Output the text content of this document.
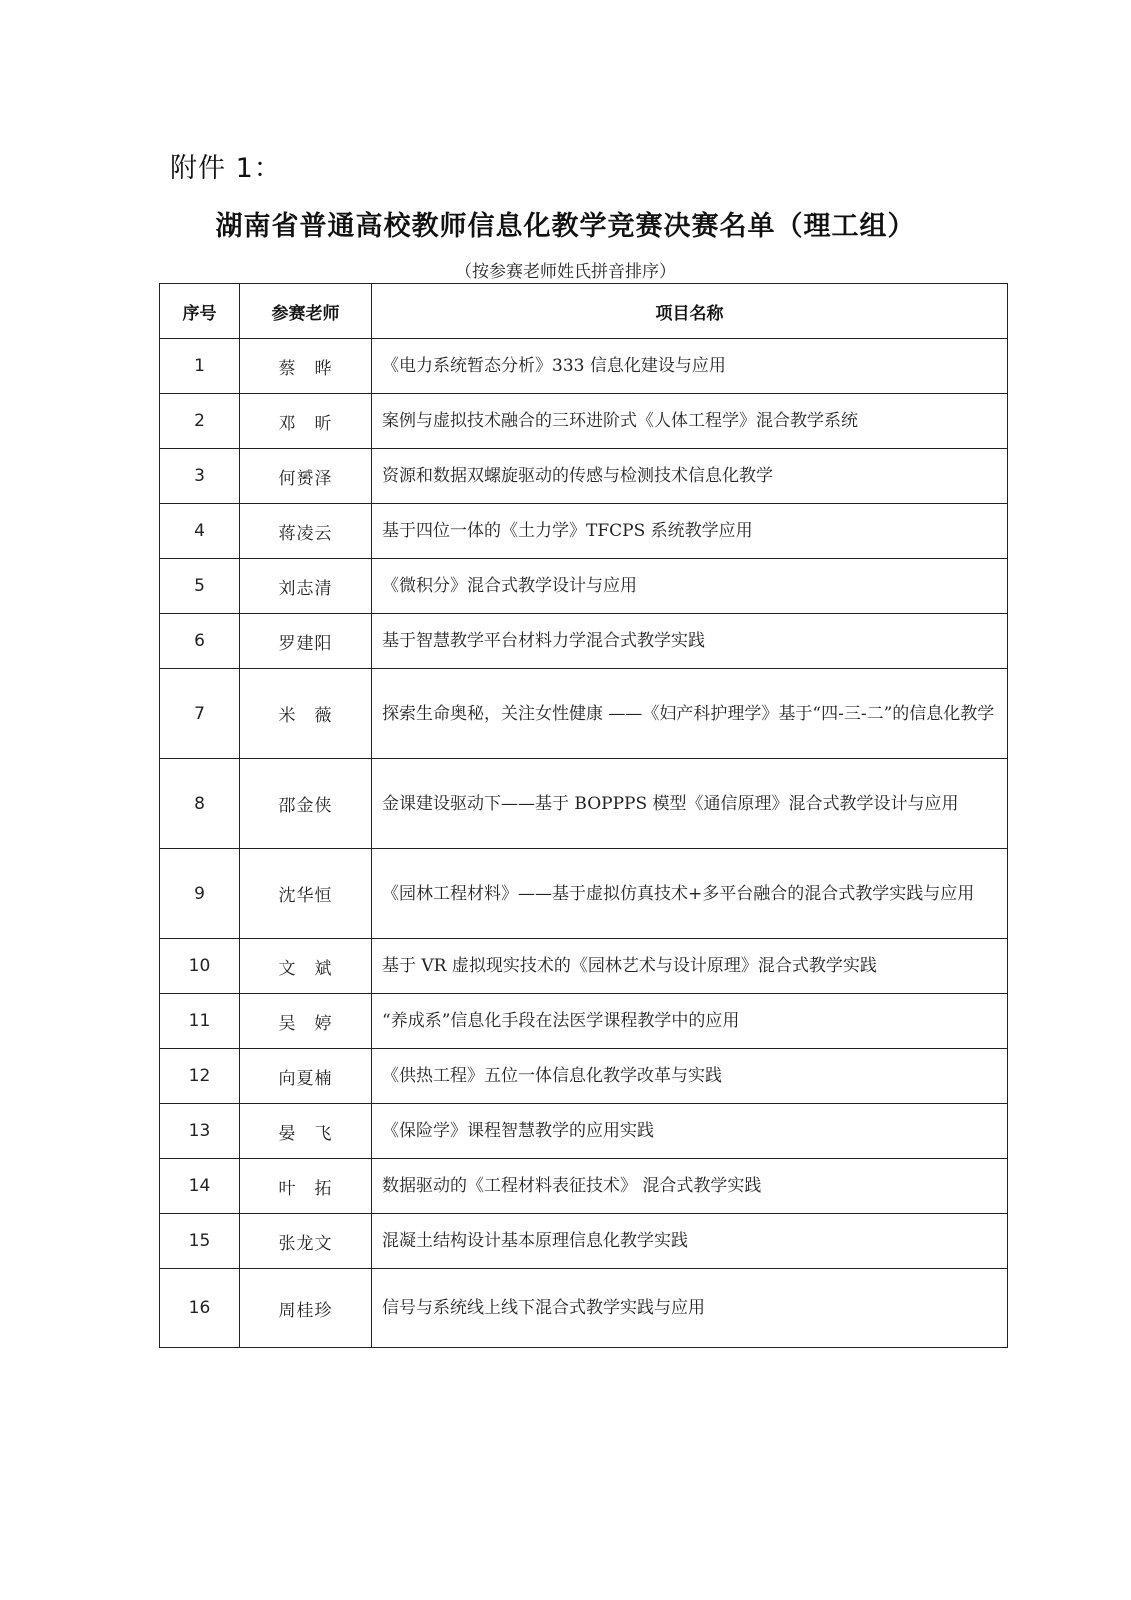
附件 1：
湖南省普通高校教师信息化教学竞赛决赛名单（理工组）
（按参赛老师姓氏拼音排序）
序号	参赛老师	项目名称
1	蔡　晔	《电力系统暂态分析》333 信息化建设与应用
2	邓　昕	案例与虚拟技术融合的三环进阶式《人体工程学》混合教学系统
3	何赟泽	资源和数据双螺旋驱动的传感与检测技术信息化教学
4	蒋凌云	基于四位一体的《土力学》TFCPS 系统教学应用
5	刘志清	《微积分》混合式教学设计与应用
6	罗建阳	基于智慧教学平台材料力学混合式教学实践
7	米　薇	探索生命奥秘，关注女性健康 ——《妇产科护理学》基于“四-三-二”的信息化教学
8	邵金侠	金课建设驱动下——基于 BOPPPS 模型《通信原理》混合式教学设计与应用
9	沈华恒	《园林工程材料》——基于虚拟仿真技术+多平台融合的混合式教学实践与应用
10	文　斌	基于 VR 虚拟现实技术的《园林艺术与设计原理》混合式教学实践
11	吴　婷	“养成系”信息化手段在法医学课程教学中的应用
12	向夏楠	《供热工程》五位一体信息化教学改革与实践
13	晏　飞	《保险学》课程智慧教学的应用实践
14	叶　拓	数据驱动的《工程材料表征技术》 混合式教学实践
15	张龙文	混凝土结构设计基本原理信息化教学实践
16	周桂珍	信号与系统线上线下混合式教学实践与应用
